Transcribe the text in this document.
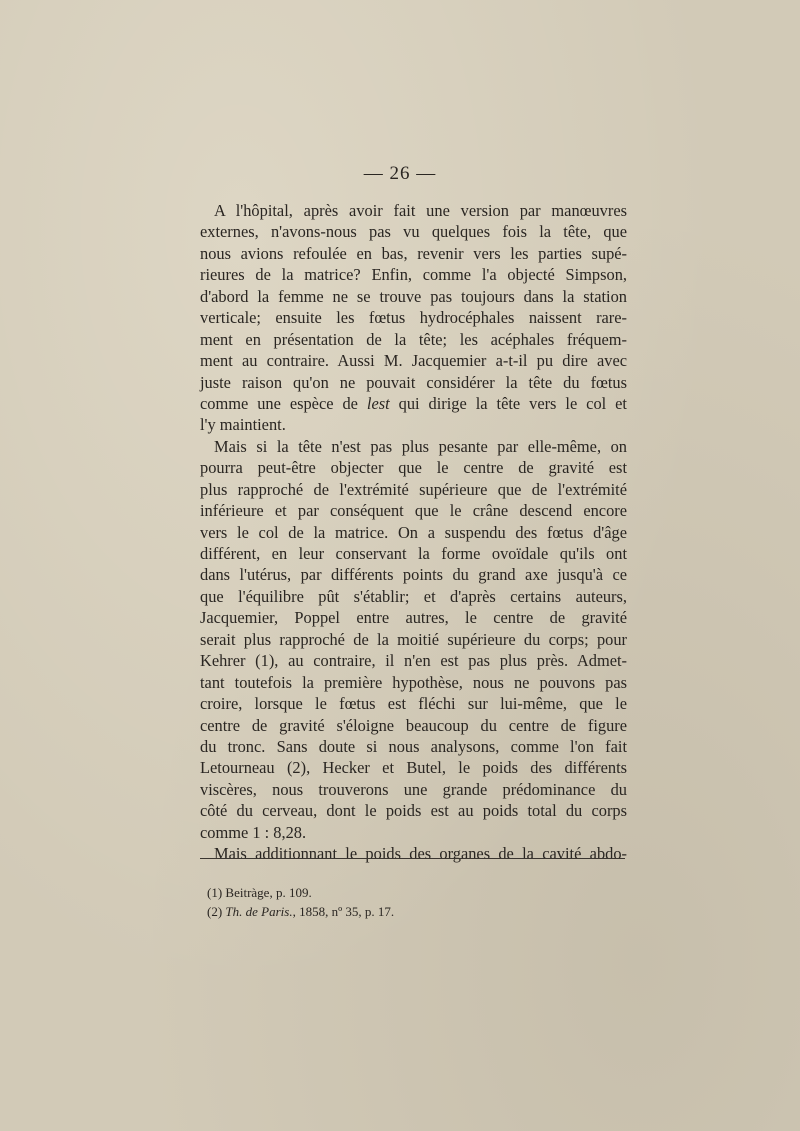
— 26 —
A l'hôpital, après avoir fait une version par manœuvres
externes, n'avons-nous pas vu quelques fois la tête, que
nous avions refoulée en bas, revenir vers les parties supé-
rieures de la matrice? Enfin, comme l'a objecté Simpson,
d'abord la femme ne se trouve pas toujours dans la station
verticale; ensuite les fœtus hydrocéphales naissent rare-
ment en présentation de la tête; les acéphales fréquem-
ment au contraire. Aussi M. Jacquemier a-t-il pu dire avec
juste raison qu'on ne pouvait considérer la tête du fœtus
comme une espèce de lest qui dirige la tête vers le col et
l'y maintient.
Mais si la tête n'est pas plus pesante par elle-même, on
pourra peut-être objecter que le centre de gravité est
plus rapproché de l'extrémité supérieure que de l'extrémité
inférieure et par conséquent que le crâne descend encore
vers le col de la matrice. On a suspendu des fœtus d'âge
différent, en leur conservant la forme ovoïdale qu'ils ont
dans l'utérus, par différents points du grand axe jusqu'à ce
que l'équilibre pût s'établir; et d'après certains auteurs,
Jacquemier, Poppel entre autres, le centre de gravité
serait plus rapproché de la moitié supérieure du corps; pour
Kehrer (1), au contraire, il n'en est pas plus près. Admet-
tant toutefois la première hypothèse, nous ne pouvons pas
croire, lorsque le fœtus est fléchi sur lui-même, que le
centre de gravité s'éloigne beaucoup du centre de figure
du tronc. Sans doute si nous analysons, comme l'on fait
Letourneau (2), Hecker et Butel, le poids des différents
viscères, nous trouverons une grande prédominance du
côté du cerveau, dont le poids est au poids total du corps
comme 1 : 8,28.
Mais additionnant le poids des organes de la cavité abdo-
(1) Beitràge, p. 109.
(2) Th. de Paris., 1858, nº 35, p. 17.
